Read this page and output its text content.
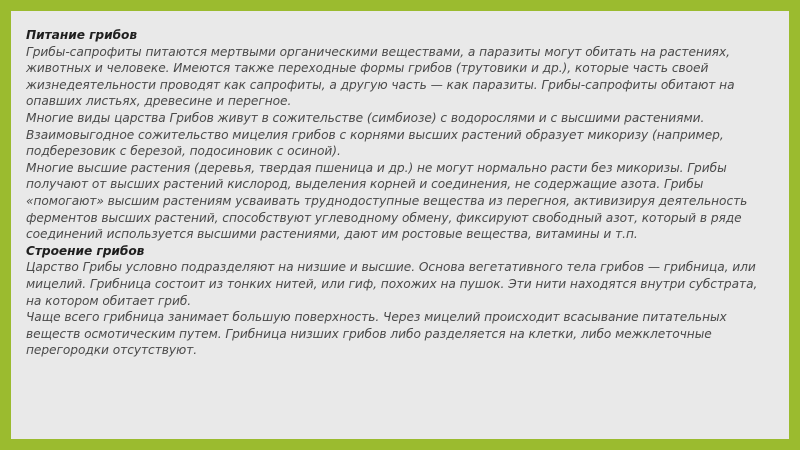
Питание грибов

Грибы-сапрофиты питаются мертвыми органическими веществами, а паразиты могут обитать на растениях, животных и человеке. Имеются также переходные формы грибов (трутовики и др.), которые часть своей жизнедеятельности проводят как сапрофиты, а другую часть — как паразиты. Грибы-сапрофиты обитают на опавших листьях, древесине и перегное.

Многие виды царства Грибов живут в сожительстве (симбиозе) с водорослями и с высшими растениями. Взаимовыгодное сожительство мицелия грибов с корнями высших растений образует микоризу (например, подберезовик с березой, подосиновик с осиной).

Многие высшие растения (деревья, твердая пшеница и др.) не могут нормально расти без микоризы. Грибы получают от высших растений кислород, выделения корней и соединения, не содержащие азота. Грибы «помогают» высшим растениям усваивать труднодоступные вещества из перегноя, активизируя деятельность ферментов высших растений, способствуют углеводному обмену, фиксируют свободный азот, который в ряде соединений используется высшими растениями, дают им ростовые вещества, витамины и т.п.

Строение грибов

Царство Грибы условно подразделяют на низшие и высшие. Основа вегетативного тела грибов — грибница, или мицелий. Грибница состоит из тонких нитей, или гиф, похожих на пушок. Эти нити находятся внутри субстрата, на котором обитает гриб.

Чаще всего грибница занимает большую поверхность. Через мицелий происходит всасывание питательных веществ осмотическим путем. Грибница низших грибов либо разделяется на клетки, либо межклеточные перегородки отсутствуют.
